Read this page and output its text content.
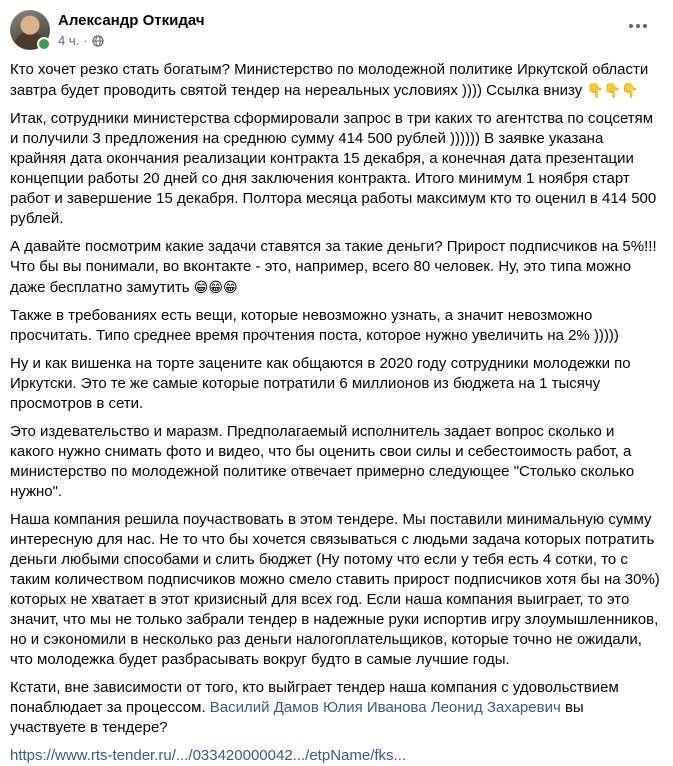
Александр Откидач
4 ч. ·

Кто хочет резко стать богатым? Министерство по молодежной политике Иркутской области завтра будет проводить святой тендер на нереальных условиях )))) Ссылка внизу 👇👇👇

Итак, сотрудники министерства сформировали запрос в три каких то агентства по соцсетям и получили 3 предложения на среднюю сумму 414 500 рублей )))))) В заявке указана крайняя дата окончания реализации контракта 15 декабря, а конечная дата презентации концепции работы 20 дней со дня заключения контракта. Итого минимум 1 ноября старт работ и завершение 15 декабря. Полтора месяца работы максимум кто то оценил в 414 500 рублей.

А давайте посмотрим какие задачи ставятся за такие деньги? Прирост подписчиков на 5%!!! Что бы вы понимали, во вконтакте - это, например, всего 80 человек. Ну, это типа можно даже бесплатно замутить 😁😁😁

Также в требованиях есть вещи, которые невозможно узнать, а значит невозможно просчитать. Типо среднее время прочтения поста, которое нужно увеличить на 2% )))))

Ну и как вишенка на торте зацените как общаются в 2020 году сотрудники молодежки по Иркутски. Это те же самые которые потратили 6 миллионов из бюджета на 1 тысячу просмотров в сети.

Это издевательство и маразм. Предполагаемый исполнитель задает вопрос сколько и какого нужно снимать фото и видео, что бы оценить свои силы и себестоимость работ, а министерство по молодежной политике отвечает примерно следующее "Столько сколько нужно".

Наша компания решила поучаствовать в этом тендере. Мы поставили минимальную сумму интересную для нас. Не то что бы хочется связываться с людьми задача которых потратить деньги любыми способами и слить бюджет (Ну потому что если у тебя есть 4 сотки, то с таким количеством подписчиков можно смело ставить прирост подписчиков хотя бы на 30%) которых не хватает в этот кризисный для всех год. Если наша компания выиграет, то это значит, что мы не только забрали тендер в надежные руки испортив игру злоумышленников, но и сэкономили в несколько раз деньги налогоплательщиков, которые точно не ожидали, что молодежка будет разбрасывать вокруг будто в самые лучшие годы.

Кстати, вне зависимости от того, кто выйграет тендер наша компания с удовольствием понаблюдает за процессом. Василий Дамов Юлия Иванова Леонид Захаревич вы участвуете в тендере?

https://www.rts-tender.ru/.../033420000042.../etpName/fks...
